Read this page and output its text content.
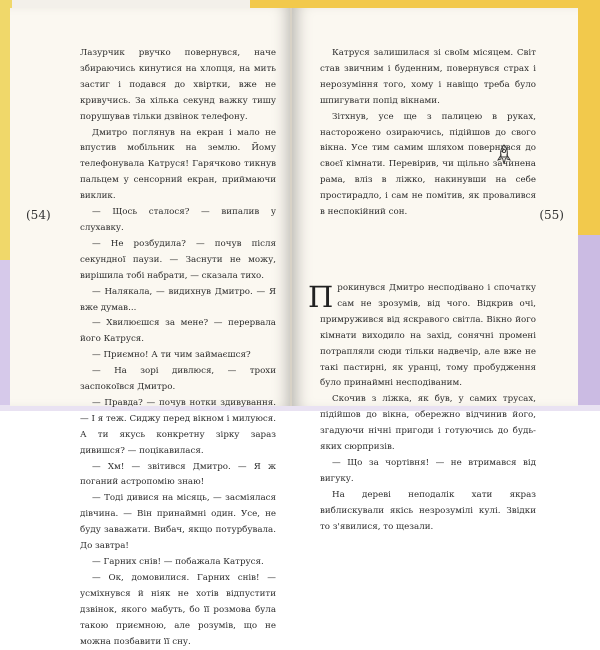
(54)

Лазурчик рвучко повернувся, наче збираючись кинутися на хлопця, на мить застиг і подався до хвіртки, вже не кривучись. За хілька секунд важку тишу порушував тільки дзвінок телефону.

Дмитро поглянув на екран і мало не впустив мобільник на землю. Йому телефонувала Катруся! Гарячково тикнув пальцем у сенсорний екран, приймаючи виклик.

— Щось сталося? — випалив у слухавку.

— Не розбудила? — почув після секундної паузи. — Заснути не можу, вирішила тобі набрати, — сказала тихо.

— Налякала, — видихнув Дмитро. — Я вже думав...

— Хвилюєшся за мене? — перервала його Катруся.

— Приємно! А ти чим займаєшся?

— На зорі дивлюся, — трохи заспокоївся Дмитро.

— Правда? — почув нотки здивування. — І я теж. Сиджу перед вікном і милуюся. А ти якусь конкретну зірку зараз дивишся? — поцікавилася.

— Хм! — звітився Дмитро. — Я ж поганий астропомію знаю!

— Тоді дивися на місяць, — засміялася дівчина. — Він принаймні один. Усе, не буду заважати. Вибач, якщо потурбувала. До завтра!

— Гарних снів! — побажала Катруся.

— Ок, домовилися. Гарних снів! — усміхнувся й ніяк не хотів відпустити дзвінок, якого мабуть, бо її розмова була такою приємною, але розумів, що не можна позбавити її сну.

(55)

Катруся залишилася зі своїм місяцем. Світ став звичним і буденним, повернувся страх і нерозуміння того, хому і навіщо треба було шпигувати попід вікнами.

Зітхнув, усе ще з палицею в руках, насторожено озираючись, підійшов до свого вікна. Усе тим самим шляхом повернувся до своєї кімнати. Перевірив, чи щільно зачинена рама, вліз в ліжко, накинувши на себе простирадло, і сам не помітив, як провалився в неспокійний сон.

Прокинувся Дмитро несподівано і спочатку сам не зрозумів, від чого. Відкрив очі, примружився від яскравого світла. Вікно його кімнати виходило на захід, сонячні промені потрапляли сюди тільки надвечір, але вже не такі пастирні, як уранці, тому пробудження було принаймні несподіваним.

Скочив з ліжка, як був, у самих трусах, підійшов до вікна, обережно відчинив його, згадуючи нічні пригоди і готуючись до будь-яких сюрпризів.

— Що за чортівня! — не втримався від вигуку.

На дереві неподалік хати якраз виблискували якісь незрозумілі кулі. Звідки то з'явилися, то щезали.
